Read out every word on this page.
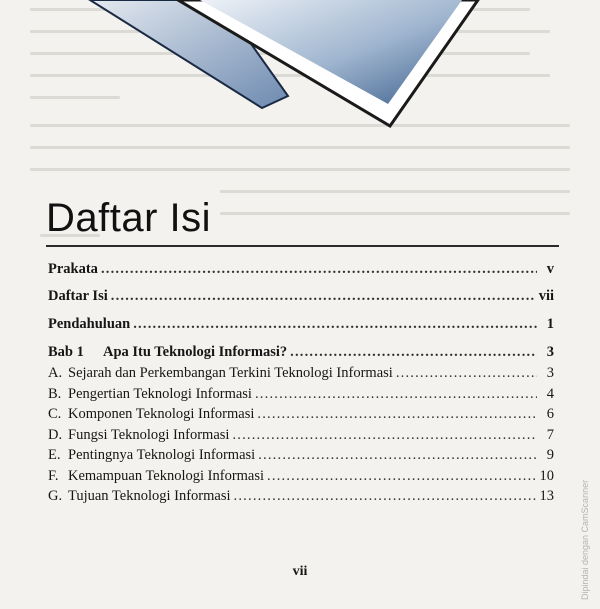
Daftar Isi
Prakata .....	v
Daftar Isi .....	vii
Pendahuluan .....	1
Bab 1 Apa Itu Teknologi Informasi? .....	3
A. Sejarah dan Perkembangan Terkini Teknologi Informasi .....	3
B. Pengertian Teknologi Informasi .....	4
C. Komponen Teknologi Informasi .....	6
D. Fungsi Teknologi Informasi .....	7
E. Pentingnya Teknologi Informasi .....	9
F. Kemampuan Teknologi Informasi .....	10
G. Tujuan Teknologi Informasi .....	13
vii	Dipindai dengan CamScanner
